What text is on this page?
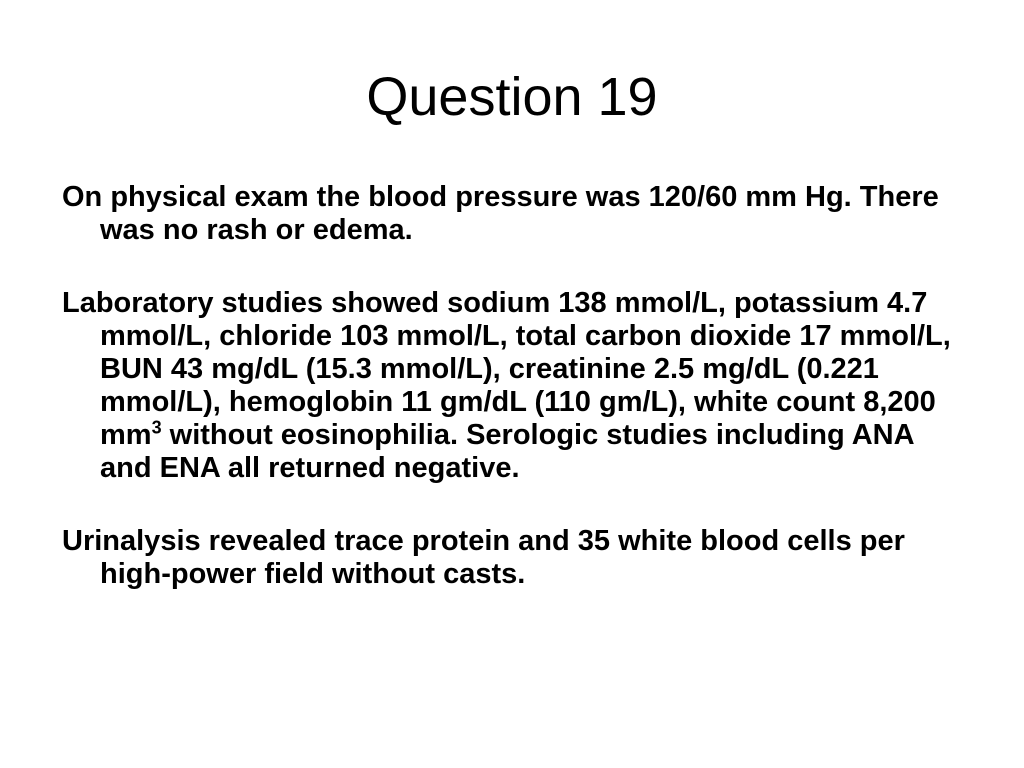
Question 19

On physical exam the blood pressure was 120/60 mm Hg. There was no rash or edema.

Laboratory studies showed sodium 138 mmol/L, potassium 4.7 mmol/L, chloride 103 mmol/L, total carbon dioxide 17 mmol/L, BUN 43 mg/dL (15.3 mmol/L), creatinine 2.5 mg/dL (0.221 mmol/L), hemoglobin 11 gm/dL (110 gm/L), white count 8,200 $mm^3$ without eosinophilia. Serologic studies including ANA and ENA all returned negative.

Urinalysis revealed trace protein and 35 white blood cells per high-power field without casts.
